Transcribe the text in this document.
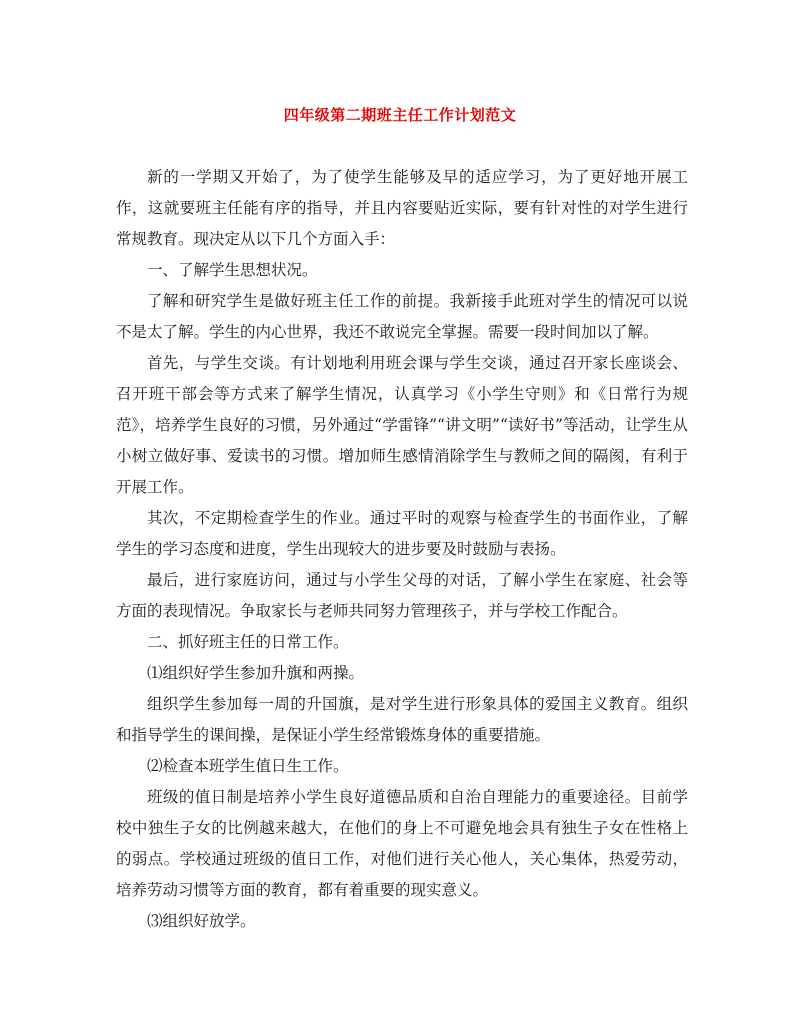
四年级第二期班主任工作计划范文

新的一学期又开始了，为了使学生能够及早的适应学习，为了更好地开展工作，这就要班主任能有序的指导，并且内容要贴近实际，要有针对性的对学生进行常规教育。现决定从以下几个方面入手：

一、了解学生思想状况。

了解和研究学生是做好班主任工作的前提。我新接手此班对学生的情况可以说不是太了解。学生的内心世界，我还不敢说完全掌握。需要一段时间加以了解。

首先，与学生交谈。有计划地利用班会课与学生交谈，通过召开家长座谈会、召开班干部会等方式来了解学生情况，认真学习《小学生守则》和《日常行为规范》，培养学生良好的习惯，另外通过“学雷锋”“讲文明”“读好书”等活动，让学生从小树立做好事、爱读书的习惯。增加师生感情消除学生与教师之间的隔阂，有利于开展工作。

其次，不定期检查学生的作业。通过平时的观察与检查学生的书面作业，了解学生的学习态度和进度，学生出现较大的进步要及时鼓励与表扬。

最后，进行家庭访问，通过与小学生父母的对话，了解小学生在家庭、社会等方面的表现情况。争取家长与老师共同努力管理孩子，并与学校工作配合。

二、抓好班主任的日常工作。

⑴组织好学生参加升旗和两操。

组织学生参加每一周的升国旗，是对学生进行形象具体的爱国主义教育。组织和指导学生的课间操，是保证小学生经常锻炼身体的重要措施。

⑵检查本班学生值日生工作。

班级的值日制是培养小学生良好道德品质和自治自理能力的重要途径。目前学校中独生子女的比例越来越大，在他们的身上不可避免地会具有独生子女在性格上的弱点。学校通过班级的值日工作，对他们进行关心他人，关心集体，热爱劳动，培养劳动习惯等方面的教育，都有着重要的现实意义。

⑶组织好放学。
